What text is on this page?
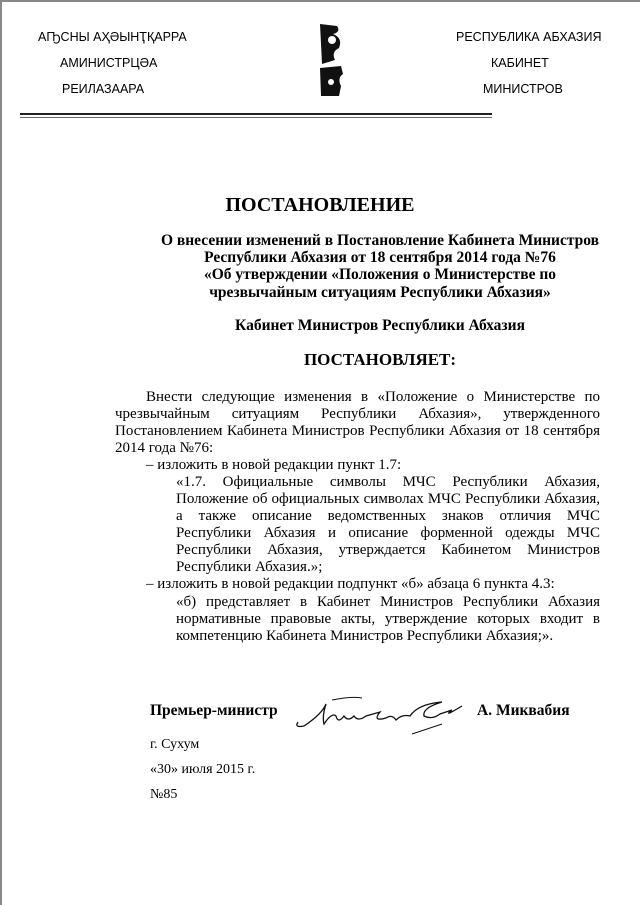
АҦСНЫ АҲӘЫНҬҚАРРА
АМИНИСТРЦӘА
РЕИЛАЗААРА
РЕСПУБЛИКА АБХАЗИЯ
КАБИНЕТ
МИНИСТРОВ
ПОСТАНОВЛЕНИЕ
О внесении изменений в Постановление Кабинета Министров
Республики Абхазия от 18 сентября 2014 года №76
«Об утверждении «Положения о Министерстве по
чрезвычайным ситуациям Республики Абхазия»
Кабинет Министров Республики Абхазия
ПОСТАНОВЛЯЕТ:
Внести следующие изменения в «Положение о Министерстве по
чрезвычайным ситуациям Республики Абхазия», утвержденного
Постановлением Кабинета Министров Республики Абхазия от 18 сентября
2014 года №76:
– изложить в новой редакции пункт 1.7:
«1.7. Официальные символы МЧС Республики Абхазия,
Положение об официальных символах МЧС Республики Абхазия,
а также описание ведомственных знаков отличия МЧС
Республики Абхазия и описание форменной одежды МЧС
Республики Абхазия, утверждается Кабинетом Министров
Республики Абхазия.»;
– изложить в новой редакции подпункт «б» абзаца 6 пункта 4.3:
«б) представляет в Кабинет Министров Республики Абхазия
нормативные правовые акты, утверждение которых входит в
компетенцию Кабинета Министров Республики Абхазия;».
Премьер-министр	А. Миквабия
г. Сухум
«30» июля 2015 г.
№85
